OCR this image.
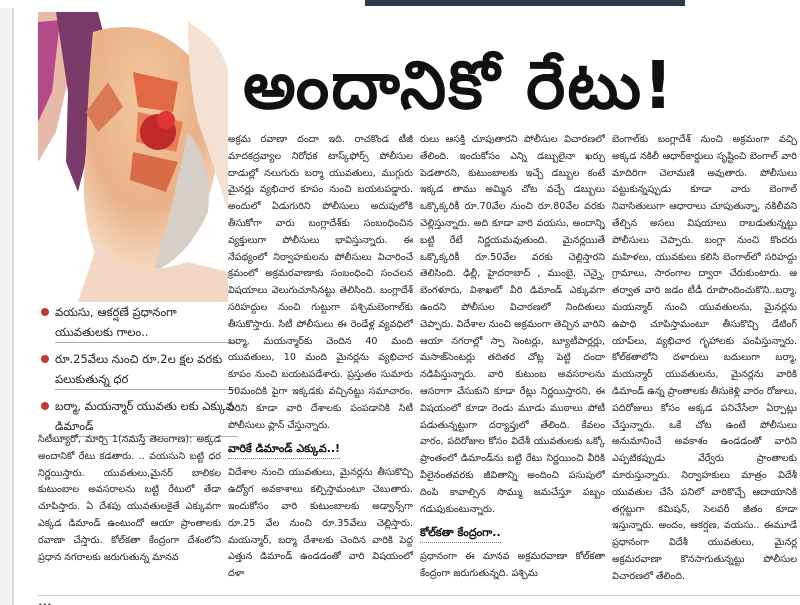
అందానికో రేటు!
వయసు, ఆకర్షణే ప్రధానంగా యువతులకు గాలం..
రూ.25వేలు నుంచి రూ.2ల క్షల వరకు పలుకుతున్న ధర
బర్మా, మయన్మార్ యువతు లకు ఎక్కువ డిమాండ్

సిటీబ్యూరో, మార్చి 1(నమస్తే తెలంగాణ): అక్కడ అందానికో రేటు కడతారు. .. వయసుని బట్టి ధర నిర్ణయిస్తారు. యువతులు,మైనర్ బాలికల కుటుంబాల అవసరాలను బట్టి రేటులో తేడా చూపిస్తారు. ఏ దేశపు యువతులకైతే ఎక్కువగా ఎక్కడ డిమాండ్ ఉంటుందో ఆయా ప్రాంతాలకు రవాణా చేస్తారు. కోల్‌కతా కేంద్రంగా దేశంలోని ప్రధాన నగరాలకు జరుగుతున్న మానవ

అక్రమ రవాణా దందా ఇది. రాచకొండ టీజీ మాదకద్రవ్యాల నిరోధక టాస్క్‌ఫోర్స్ పోలీసుల దాడుల్లో నలుగురు బర్మా యువతులు, ముగ్గురు మైనర్లు వ్యభిచార కూపం నుంచి బయటపడ్డారు. అందులో ఏడుగురిని పోలీసులు అదుపులోకి తీసుకోగా వారు బంగ్లాదేశ్‌కు సంబంధించిన వ్యక్తులుగా పోలీసులు భావిస్తున్నారు. ఈ నేపథ్యంలో నిర్వాహకులను పోలీసులు విచారించే క్రమంలో అక్రమరవాణాకు సంబంధించి సంచలన విషయాలు వెలుగుచూసినట్టు తెలిసింది. బంగ్లాదేశ్ సరిహద్దుల నుంచి గుట్టుగా పశ్చిమబెంగాల్‌కు తీసుకొస్తారు. సిటీ పోలీసులు ఈ రెండేళ్ల వ్యవధిలో బర్మా, మయన్మార్‌కు చెందిన 40 మంది యువతులు, 10 మంది మైనర్లను వ్యభిచార కూపం నుంచి బయటపడేశారు. ప్రస్తుతం సుమారు 50మందికి పైగా ఇక్కడకు వచ్చినట్టు సమాచారం. వీరిని కూడా వారి దేశాలకు పంపడానికి సిటీ పోలీసులు ప్లాన్ చేస్తున్నారు.

వారికే డిమాండ్ ఎక్కువ..!

విదేశాల నుంచి యువతులు, మైనర్లను తీసుకొచ్చి ఉద్యోగ అవకాశాలు కల్పిస్తామంటూ చెబుతారు. ఇందుకోసం వారి కుటుంబాలకు అడ్వాన్స్‌గా రూ.25 వేల నుంచి రూ.35వేలు చెల్లిస్తారు. మయన్మార్, బర్మా దేశాలకు చెందిన వారికి పెద్ద ఎత్తున డిమాండ్ ఉండడంతో వారి విషయంలో దళా

రులు ఆసక్తి చూపుతారని పోలీసుల విచారణలో తేలింది. ఇందుకోసం ఎన్ని డబ్బులైనా ఖర్చు పెడతారని, కుటుంబాలకు ఇచ్చే డబ్బుల కంటే ఇక్కడ తాము అమ్మిన చోట వచ్చే డబ్బులు ఒక్కొక్కరికీ రూ.70వేల నుంచి రూ.80వేల వరకు చెల్లిస్తున్నారు. అది కూడా వారి వయసు, అందాన్ని బట్టి రేటే నిర్ణయమవుతుంది. మైనర్లయితే ఒక్కొక్కరికీ రూ.50వేల వరకు చెల్లిస్తారని తెలిసింది. ఢిల్లీ, హైదరాబాద్ , ముంబై, చెన్నై, బెంగళూరు, విశాఖలో వీరి డిమాండ్ ఎక్కువగా ఉందని పోలీసుల విచారణలో నిందితులు చెప్పారు. విదేశాల నుంచి అక్రమంగా తెచ్చిన వారిని ఆయా నగరాల్లో స్పా సెంటర్లు, బ్యూటీపార్లర్లు, మసాజ్‌సెంటర్లు తదితర చోట్ల పెట్టి దందా నడిపిస్తున్నారు. వారి కుటుంబ అవసరాలను ఆసరాగా చేసుకుని కూడా రేట్లు నిర్ణయిస్తారని, ఈ విషయంలో కూడా రెండు మూడు ముఠాలు పోటీ పడుతున్నట్టుగా దర్యాప్తులో తేలింది. కేవలం వారం, పదిరోజుల కోసం విదేశీ యువతులకు ఒక్కో ప్రాంతంలో డిమాండ్‌ను బట్టి రేటు నిర్ణయించి వీరికి వీలైనంతవరకు జీవితాన్ని అందించి పసుపులో దింపి కావాల్సిన సొమ్ము జమచేస్తూ పబ్బం గడుపుకుంటున్నారు.

కోల్‌కతా కేంద్రంగా..

ప్రధానంగా ఈ మానవ అక్రమరవాణా కోల్‌కతా కేంద్రంగా జరుగుతున్నది. పశ్చిమ

బెంగాల్‌కు బంగ్లాదేశ్ నుంచి అక్రమంగా వచ్చి అక్కడ నకిలీ ఆధార్‌కార్డులు సృష్టించి బెంగాల్ వారి మాదిరిగా చెలామణి అవుతారు. పోలీసులు పట్టుకున్నప్పుడు కూడా వారు బెంగాల్ నివాసితులుగా ఆధారాలు చూపుతున్నా, నకిలీవని తేల్చిన అసలు విషయాలు రాబడుతున్నట్టు పోలీసులు చెప్పారు. బంగ్లా నుంచి కొందరు మహిళలు, యువకులు కలిసి బెంగాల్‌లో సరిహద్దు గ్రామాలు, సారంగాల ద్వారా చేరుకుంటారు. ఆ తర్వాత వారి జడం టీడీ రూపొందించుకొని..బర్మా, మయన్మార్ నుంచి యువతులను, మైనర్లను ఉపాధి చూపిస్తామంటూ తీసుకొచ్చి డేటింగ్ యాప్‌లు, వ్యభిచార గృహాలకు పంపిస్తున్నారు. కోల్‌కతాలోని దళారులు బదులుగా బర్మా, మయన్మార్ యువతులను, మైనర్లను వారికి డిమాండ్ ఉన్న ప్రాంతాలకు తీసుకెళ్లి వారం రోజులు, పదిరోజులు కోసం అక్కడ పనిచేసేలా ఏర్పాట్లు చేస్తున్నారు. ఒకే చోట ఉంటే పోలీసులు అనుమానించే అవకాశం ఉండడంతో వారిని ఎప్పటికప్పుడు వేర్వేరు ప్రాంతాలకు మారుస్తున్నారు. నిర్వాహకులు మాత్రం విదేశీ యువతుల చేసే పనిలో వారికొచ్చే ఆదాయానికి తగ్గట్టుగా కమిషన్, సెలవరీ జీతం కూడా ఇస్తున్నారు. అందం, ఆకర్షణ, వయసు.. ఈమూడే ప్రధానంగా విదేశీ యువతులు, మైనర్ల అక్రమరవాణా కొనసాగుతున్నట్టు పోలీసుల విచారణలో తేలింది.

...
